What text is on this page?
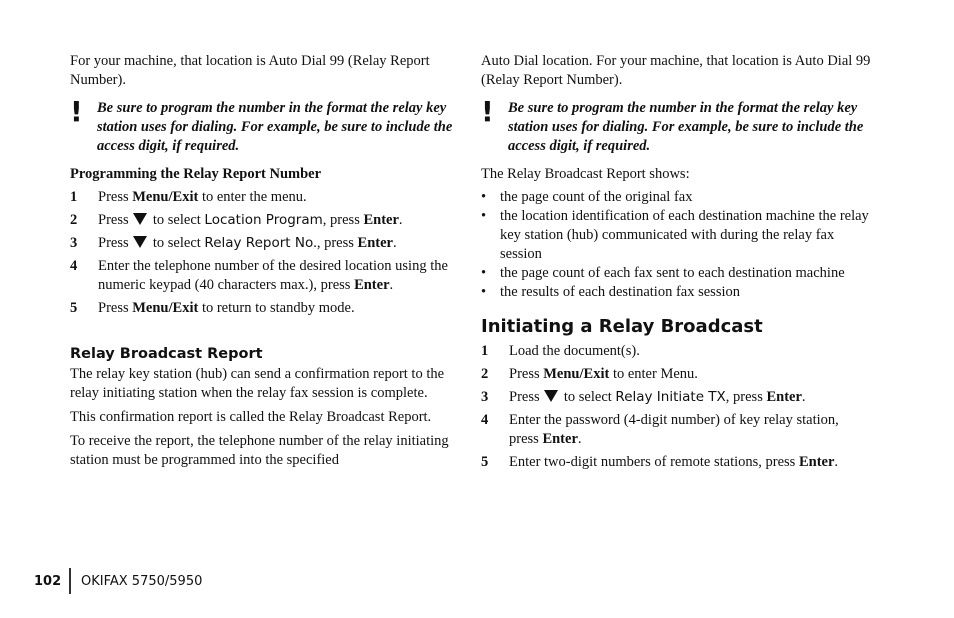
For your machine, that location is Auto Dial 99 (Relay Report Number).

! Be sure to program the number in the format the relay key station uses for dialing. For example, be sure to include the access digit, if required.

Programming the Relay Report Number

1	Press Menu/Exit to enter the menu.
2	Press  to select Location Program, press Enter.
3	Press  to select Relay Report No., press Enter.
4	Enter the telephone number of the desired location using the numeric keypad (40 characters max.), press Enter.
5	Press Menu/Exit to return to standby mode.
Relay Broadcast Report

The relay key station (hub) can send a confirmation report to the relay initiating station when the relay fax session is complete.

This confirmation report is called the Relay Broadcast Report.

To receive the report, the telephone number of the relay initiating station must be programmed into the specified

Auto Dial location. For your machine, that location is Auto Dial 99 (Relay Report Number).

! Be sure to program the number in the format the relay key station uses for dialing. For example, be sure to include the access digit, if required.

The Relay Broadcast Report shows:

• the page count of the original fax
• the location identification of each destination machine the relay key station (hub) communicated with during the relay fax session
• the page count of each fax sent to each destination machine
• the results of each destination fax session
Initiating a Relay Broadcast
1	Load the document(s).
2	Press Menu/Exit to enter Menu.
3	Press  to select Relay Initiate TX, press Enter.
4	Enter the password (4-digit number) of key relay station, press Enter.
5	Enter two-digit numbers of remote stations, press Enter.
102	OKIFAX 5750/5950
